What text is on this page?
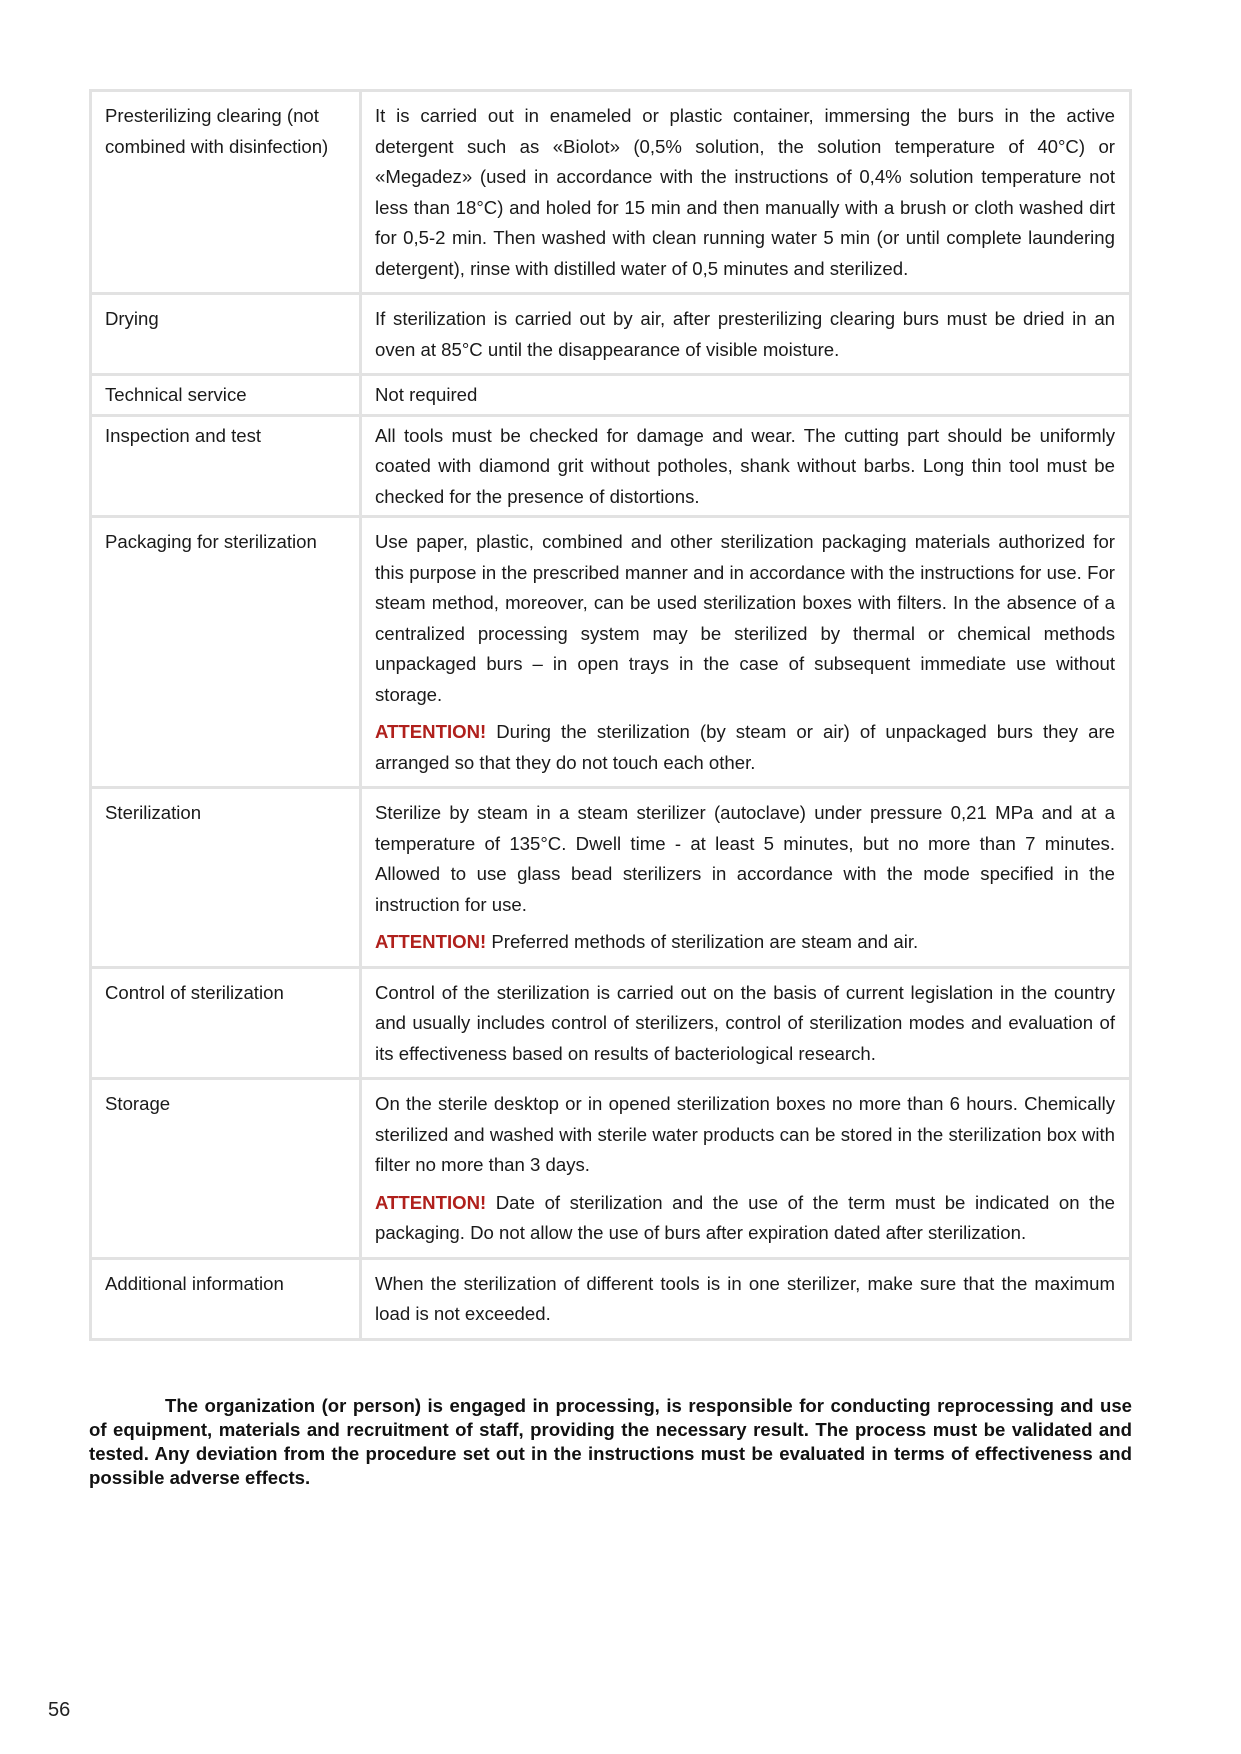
Presterilizing clearing (not combined with disinfection)	It is carried out in enameled or plastic container, immersing the burs in the active detergent such as «Biolot» (0,5% solution, the solution temperature of 40°C) or «Megadez» (used in accordance with the instructions of 0,4% solution temperature not less than 18°C) and holed for 15 min and then manually with a brush or cloth washed dirt for 0,5-2 min. Then washed with clean running water 5 min (or until complete laundering detergent), rinse with distilled water of 0,5 minutes and sterilized.

Drying	If sterilization is carried out by air, after presterilizing clearing burs must be dried in an oven at 85°C until the disappearance of visible moisture.

Technical service	Not required

Inspection and test	All tools must be checked for damage and wear. The cutting part should be uniformly coated with diamond grit without potholes, shank without barbs. Long thin tool must be checked for the presence of distortions.

Packaging for sterilization	Use paper, plastic, combined and other sterilization packaging materials authorized for this purpose in the prescribed manner and in accordance with the instructions for use. For steam method, moreover, can be used sterilization boxes with filters. In the absence of a centralized processing system may be sterilized by thermal or chemical methods unpackaged burs – in open trays in the case of subsequent immediate use without storage.

ATTENTION! During the sterilization (by steam or air) of unpackaged burs they are arranged so that they do not touch each other.

Sterilization	Sterilize by steam in a steam sterilizer (autoclave) under pressure 0,21 MPa and at a temperature of 135°C. Dwell time - at least 5 minutes, but no more than 7 minutes. Allowed to use glass bead sterilizers in accordance with the mode specified in the instruction for use.

ATTENTION! Preferred methods of sterilization are steam and air.

Control of sterilization	Control of the sterilization is carried out on the basis of current legislation in the country and usually includes control of sterilizers, control of sterilization modes and evaluation of its effectiveness based on results of bacteriological research.

Storage	On the sterile desktop or in opened sterilization boxes no more than 6 hours. Chemically sterilized and washed with sterile water products can be stored in the sterilization box with filter no more than 3 days.

ATTENTION! Date of sterilization and the use of the term must be indicated on the packaging. Do not allow the use of burs after expiration dated after sterilization.

Additional information	When the sterilization of different tools is in one sterilizer, make sure that the maximum load is not exceeded.

The organization (or person) is engaged in processing, is responsible for conducting reprocessing and use of equipment, materials and recruitment of staff, providing the necessary result. The process must be validated and tested. Any deviation from the procedure set out in the instructions must be evaluated in terms of effectiveness and possible adverse effects.

56
